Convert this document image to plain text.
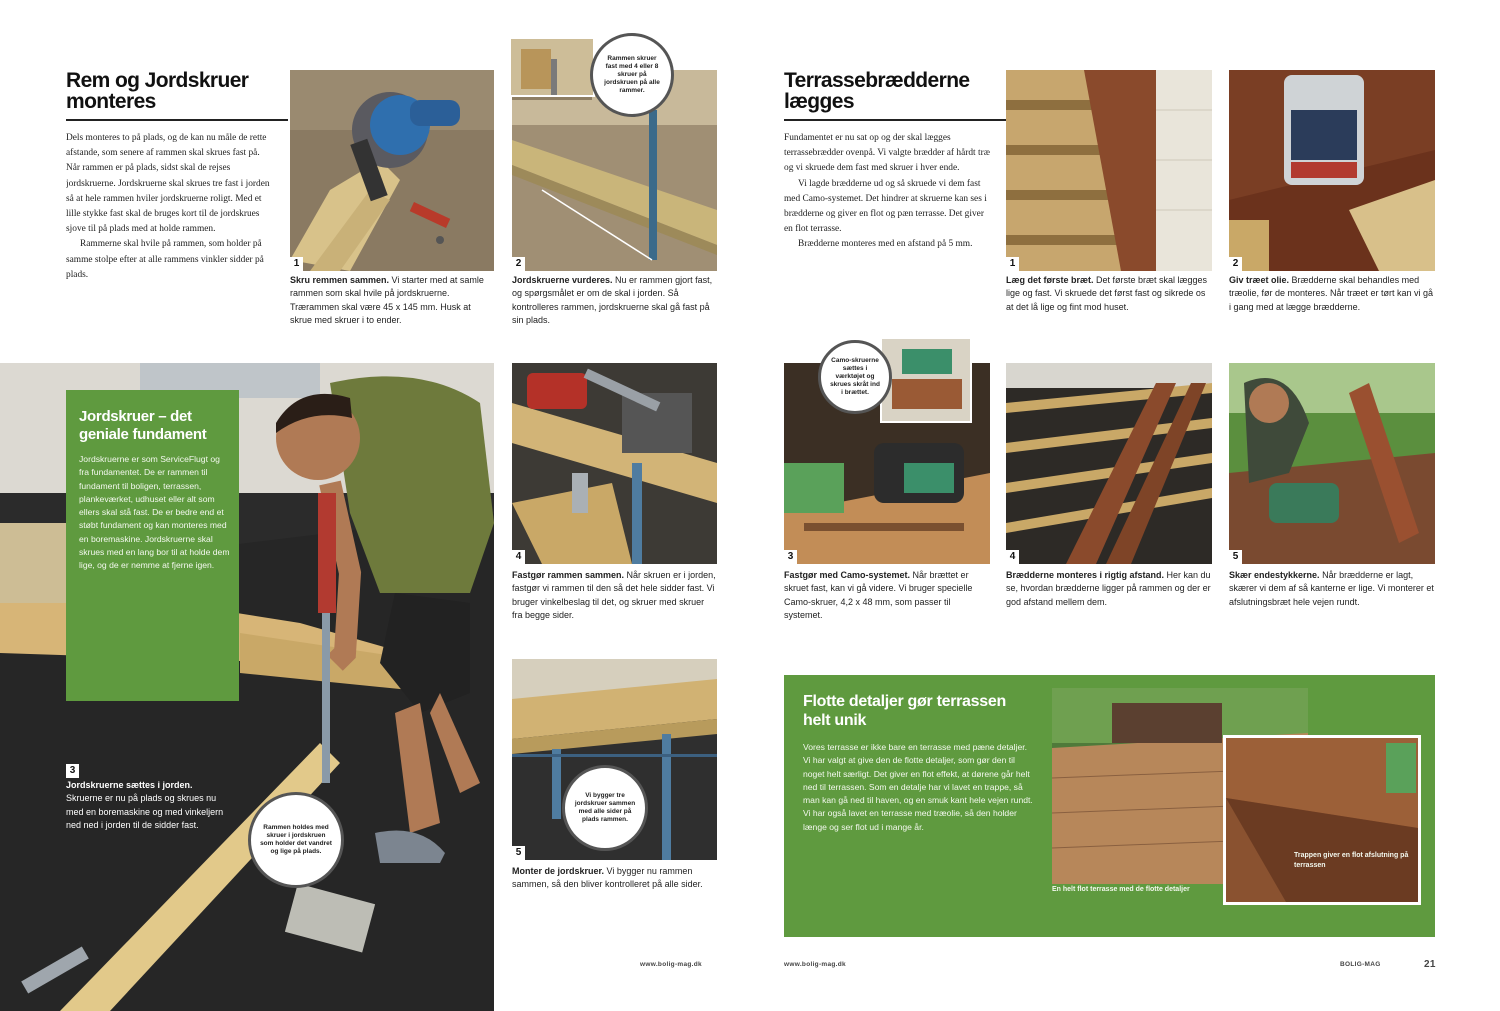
Rem og Jordskruer monteres

Dels monteres to på plads, og de kan nu måle de rette afstande, som senere af rammen skal skrues fast på. Når rammen er på plads, sidst skal de rejses jordskruerne. Jordskruerne skal skrues tre fast i jorden så at hele rammen hviler jordskruerne roligt. Med et lille stykke fast skal de bruges kort til de jordskrues sjove til på plads med at holde rammen.

Rammerne skal hvile på rammen, som holder på samme stolpe efter at alle rammens vinkler sidder på plads.

1
Skru remmen sammen. Vi starter med at samle rammen som skal hvile på jordskruerne. Trærammen skal være 45 x 145 mm. Husk at skrue med skruer i to ender.
2
Rammen skruer fast med 4 eller 8 skruer på jordskruen på alle rammer.
Jordskruerne vurderes. Nu er rammen gjort fast, og spørgsmålet er om de skal i jorden. Så kontrolleres rammen, jordskruerne skal gå fast på sin plads.
3
Jordskruer – det geniale fundament
Jordskruerne er som ServiceFlugt og fra fundamentet. De er rammen til fundament til boligen, terrassen, plankeværket, udhuset eller alt som ellers skal stå fast. De er bedre end et støbt fundament og kan monteres med en boremaskine. Jordskruerne skal skrues med en lang bor til at holde dem lige, og de er nemme at fjerne igen.
Jordskruerne sættes i jorden. Skruerne er nu på plads og skrues nu med en boremaskine og med vinkeljern ned ned i jorden til de sidder fast.	Rammen holdes med skruer i jordskruen som holder det vandret og lige på plads.
4
Fastgør rammen sammen. Når skruen er i jorden, fastgør vi rammen til den så det hele sidder fast. Vi bruger vinkelbeslag til det, og skruer med skruer fra begge sider.
5
Vi bygger tre jordskruer sammen med alle sider på plads rammen.
Monter de jordskruer. Vi bygger nu rammen sammen, så den bliver kontrolleret på alle sider.
www.bolig-mag.dk
Terrassebrædderne lægges

Fundamentet er nu sat op og der skal lægges terrassebrædder ovenpå. Vi valgte brædder af hårdt træ og vi skruede dem fast med skruer i hver ende.

Vi lagde brædderne ud og så skruede vi dem fast med Camo-systemet. Det hindrer at skruerne kan ses i brædderne og giver en flot og pæn terrasse. Det giver en flot terrasse.

Brædderne monteres med en afstand på 5 mm.

1
Læg det første bræt. Det første bræt skal lægges lige og fast. Vi skruede det først fast og sikrede os at det lå lige og fint mod huset.
2
Giv træet olie. Brædderne skal behandles med træolie, før de monteres. Når træet er tørt kan vi gå i gang med at lægge brædderne.
3
Camo-skruerne sættes i værktøjet og skrues skråt ind i brættet.
Fastgør med Camo-systemet. Når brættet er skruet fast, kan vi gå videre. Vi bruger specielle Camo-skruer, 4,2 x 48 mm, som passer til systemet.
4
Brædderne monteres i rigtig afstand. Her kan du se, hvordan brædderne ligger på rammen og der er god afstand mellem dem.
5
Skær endestykkerne. Når brædderne er lagt, skærer vi dem af så kanterne er lige. Vi monterer et afslutningsbræt hele vejen rundt.
Flotte detaljer gør terrassen helt unik
Vores terrasse er ikke bare en terrasse med pæne detaljer. Vi har valgt at give den de flotte detaljer, som gør den til noget helt særligt. Det giver en flot effekt, at dørene går helt ned til terrassen. Som en detalje har vi lavet en trappe, så man kan gå ned til haven, og en smuk kant hele vejen rundt. Vi har også lavet en terrasse med træolie, så den holder længe og ser flot ud i mange år.
En helt flot terrasse med de flotte detaljer
Trappen giver en flot afslutning på terrassen
www.bolig-mag.dk	BOLIG-MAG	21
